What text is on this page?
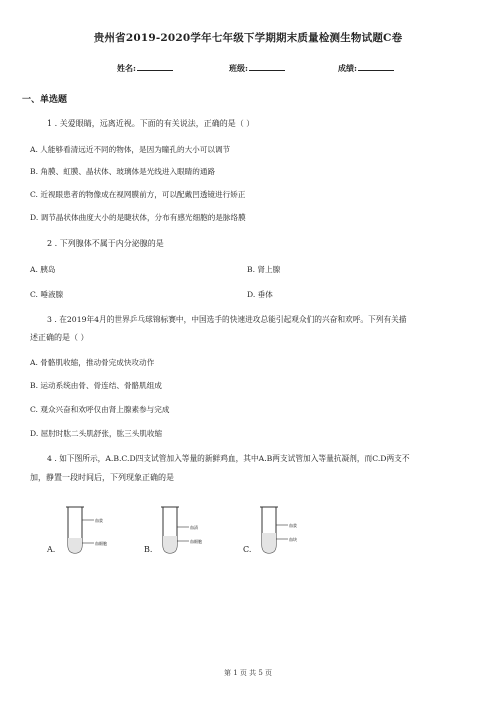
贵州省2019-2020学年七年级下学期期末质量检测生物试题C卷
姓名:	班级:	成绩:
一、单选题
1 . 关爱眼睛，远离近视。下面的有关说法，正确的是（ ）
A. 人能够看清远近不同的物体，是因为瞳孔的大小可以调节
B. 角膜、虹膜、晶状体、玻璃体是光线进入眼睛的通路
C. 近视眼患者的物像成在视网膜前方，可以配戴凹透镜进行矫正
D. 调节晶状体曲度大小的是睫状体，分布有感光细胞的是脉络膜
2 . 下列腺体不属于内分泌腺的是
A. 胰岛	B. 肾上腺
C. 唾液腺	D. 垂体
3 . 在2019年4月的世界乒乓球锦标赛中，中国选手的快速进攻总能引起观众们的兴奋和欢呼。下列有关描
述正确的是（ ）
A. 骨骼肌收缩，推动骨完成快攻动作
B. 运动系统由骨、骨连结、骨骼肌组成
C. 观众兴奋和欢呼仅由肾上腺素参与完成
D. 屈肘时肱二头肌舒张，肱三头肌收缩
4 . 如下图所示，A.B.C.D四支试管加入等量的新鲜鸡血，其中A.B两支试管加入等量抗凝剂，而C.D两支不
加，静置一段时间后，下列现象正确的是
血浆
血细胞
A.
血清
血细胞
B.
血浆
血块
C.
第 1 页 共 5 页
